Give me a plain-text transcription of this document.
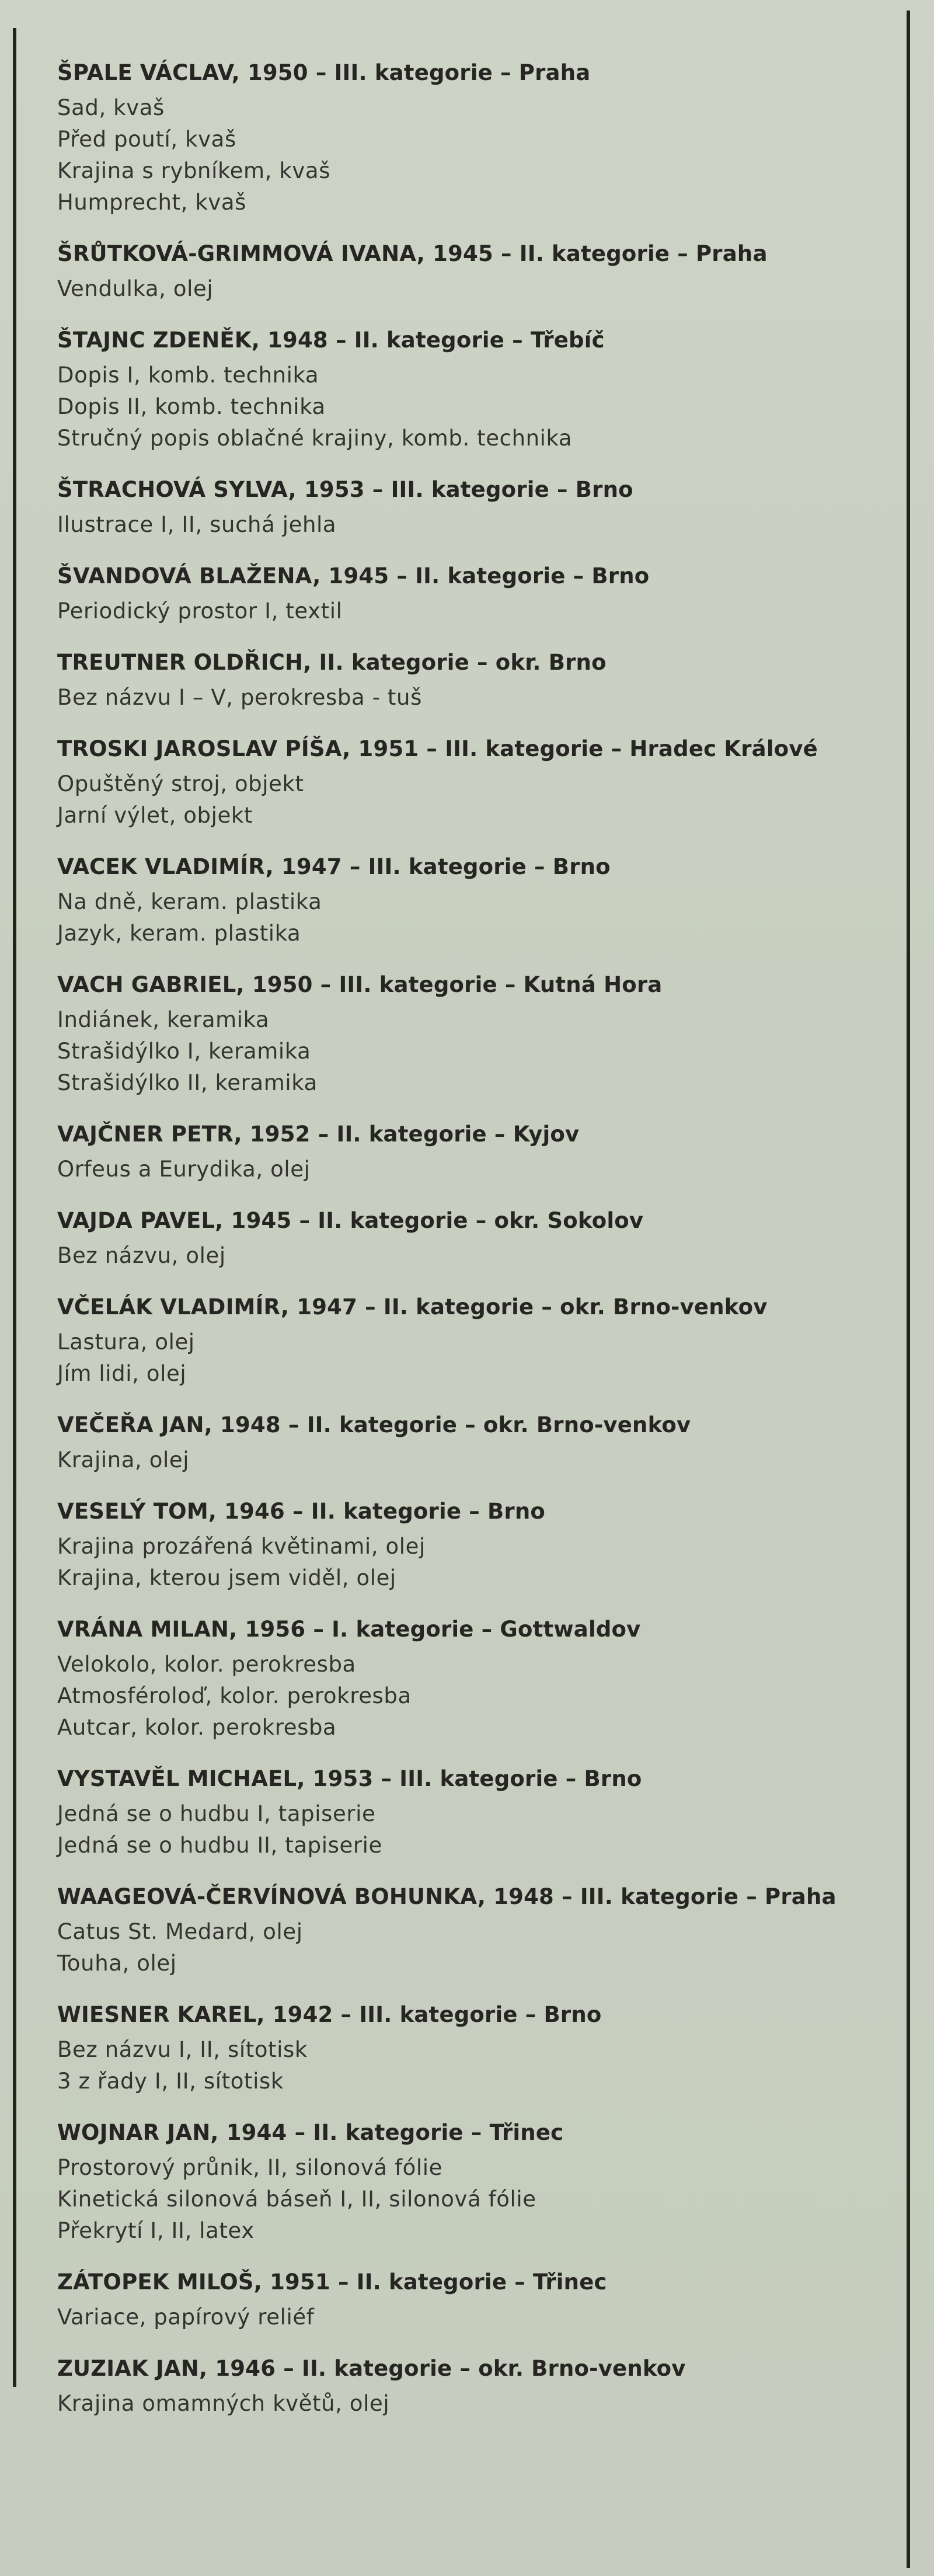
ŠPALE VÁCLAV, 1950 – III. kategorie – Praha
Sad, kvaš
Před poutí, kvaš
Krajina s rybníkem, kvaš
Humprecht, kvaš
ŠRŮTKOVÁ-GRIMMOVÁ IVANA, 1945 – II. kategorie – Praha
Vendulka, olej
ŠTAJNC ZDENĚK, 1948 – II. kategorie – Třebíč
Dopis I, komb. technika
Dopis II, komb. technika
Stručný popis oblačné krajiny, komb. technika
ŠTRACHOVÁ SYLVA, 1953 – III. kategorie – Brno
Ilustrace I, II, suchá jehla
ŠVANDOVÁ BLAŽENA, 1945 – II. kategorie – Brno
Periodický prostor I, textil
TREUTNER OLDŘICH, II. kategorie – okr. Brno
Bez názvu I – V, perokresba - tuš
TROSKI JAROSLAV PÍŠA, 1951 – III. kategorie – Hradec Králové
Opuštěný stroj, objekt
Jarní výlet, objekt
VACEK VLADIMÍR, 1947 – III. kategorie – Brno
Na dně, keram. plastika
Jazyk, keram. plastika
VACH GABRIEL, 1950 – III. kategorie – Kutná Hora
Indiánek, keramika
Strašidýlko I, keramika
Strašidýlko II, keramika
VAJČNER PETR, 1952 – II. kategorie – Kyjov
Orfeus a Eurydika, olej
VAJDA PAVEL, 1945 – II. kategorie – okr. Sokolov
Bez názvu, olej
VČELÁK VLADIMÍR, 1947 – II. kategorie – okr. Brno-venkov
Lastura, olej
Jím lidi, olej
VEČEŘA JAN, 1948 – II. kategorie – okr. Brno-venkov
Krajina, olej
VESELÝ TOM, 1946 – II. kategorie – Brno
Krajina prozářená květinami, olej
Krajina, kterou jsem viděl, olej
VRÁNA MILAN, 1956 – I. kategorie – Gottwaldov
Velokolo, kolor. perokresba
Atmosféroloď, kolor. perokresba
Autcar, kolor. perokresba
VYSTAVĚL MICHAEL, 1953 – III. kategorie – Brno
Jedná se o hudbu I, tapiserie
Jedná se o hudbu II, tapiserie
WAAGEOVÁ-ČERVÍNOVÁ BOHUNKA, 1948 – III. kategorie – Praha
Catus St. Medard, olej
Touha, olej
WIESNER KAREL, 1942 – III. kategorie – Brno
Bez názvu I, II, sítotisk
3 z řady I, II, sítotisk
WOJNAR JAN, 1944 – II. kategorie – Třinec
Prostorový průnik, II, silonová fólie
Kinetická silonová báseň I, II, silonová fólie
Překrytí I, II, latex
ZÁTOPEK MILOŠ, 1951 – II. kategorie – Třinec
Variace, papírový reliéf
ZUZIAK JAN, 1946 – II. kategorie – okr. Brno-venkov
Krajina omamných květů, olej
